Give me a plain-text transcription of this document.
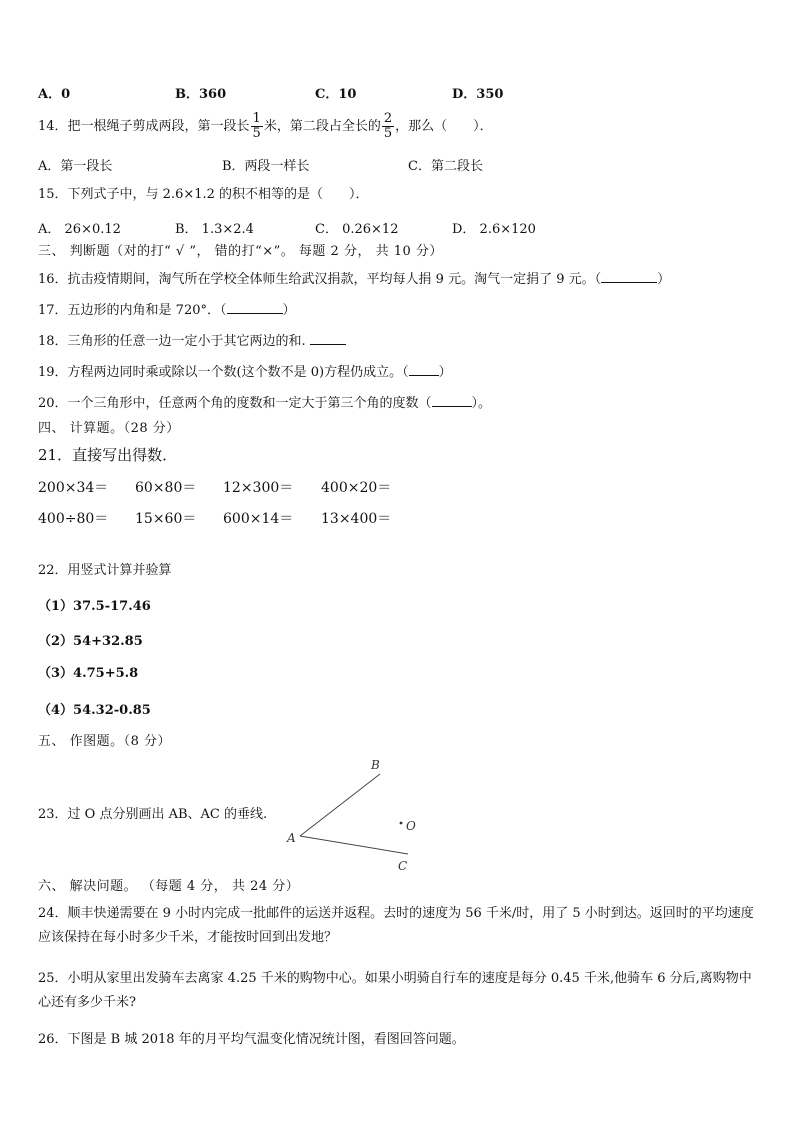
A．0	B．360	C．10	D．350
14．把一根绳子剪成两段，第一段长 $\frac{1}{5}$ 米，第二段占全长的 $\frac{2}{5}$ ，那么（　　）．
A．第一段长	B．两段一样长	C．第二段长
15．下列式子中，与 2.6×1.2 的积不相等的是（　　）．
A． 26×0.12	B． 1.3×2.4	C． 0.26×12	D． 2.6×120
三、 判断题（对的打“ √ ”， 错的打“×”。 每题 2 分， 共 10 分）
16．抗击疫情期间，淘气所在学校全体师生给武汉捐款，平均每人捐 9 元。淘气一定捐了 9 元。（	）
17．五边形的内角和是 720°．（	）
18．三角形的任意一边一定小于其它两边的和.
19．方程两边同时乘或除以一个数(这个数不是 0)方程仍成立。（ ）
20．一个三角形中，任意两个角的度数和一定大于第三个角的度数（	）。
四、 计算题。（28 分）
21．直接写出得数．
200×34＝ 60×80＝ 12×300＝ 400×20＝
400÷80＝ 15×60＝ 600×14＝ 13×400＝
22．用竖式计算并验算
（1）37.5-17.46
（2）54+32.85
（3）4.75+5.8
（4）54.32-0.85
五、 作图题。（8 分）
23．过 O 点分别画出 AB、AC 的垂线.
B
A
C
O
六、 解决问题。 （每题 4 分， 共 24 分）
24．顺丰快递需要在 9 小时内完成一批邮件的运送并返程。去时的速度为 56 千米/时，用了 5 小时到达。返回时的平均速度应该保持在每小时多少千米，才能按时回到出发地？
25．小明从家里出发骑车去离家 4.25 千米的购物中心。如果小明骑自行车的速度是每分 0.45 千米,他骑车 6 分后,离购物中心还有多少千米?
26．下图是 B 城 2018 年的月平均气温变化情况统计图，看图回答问题。
